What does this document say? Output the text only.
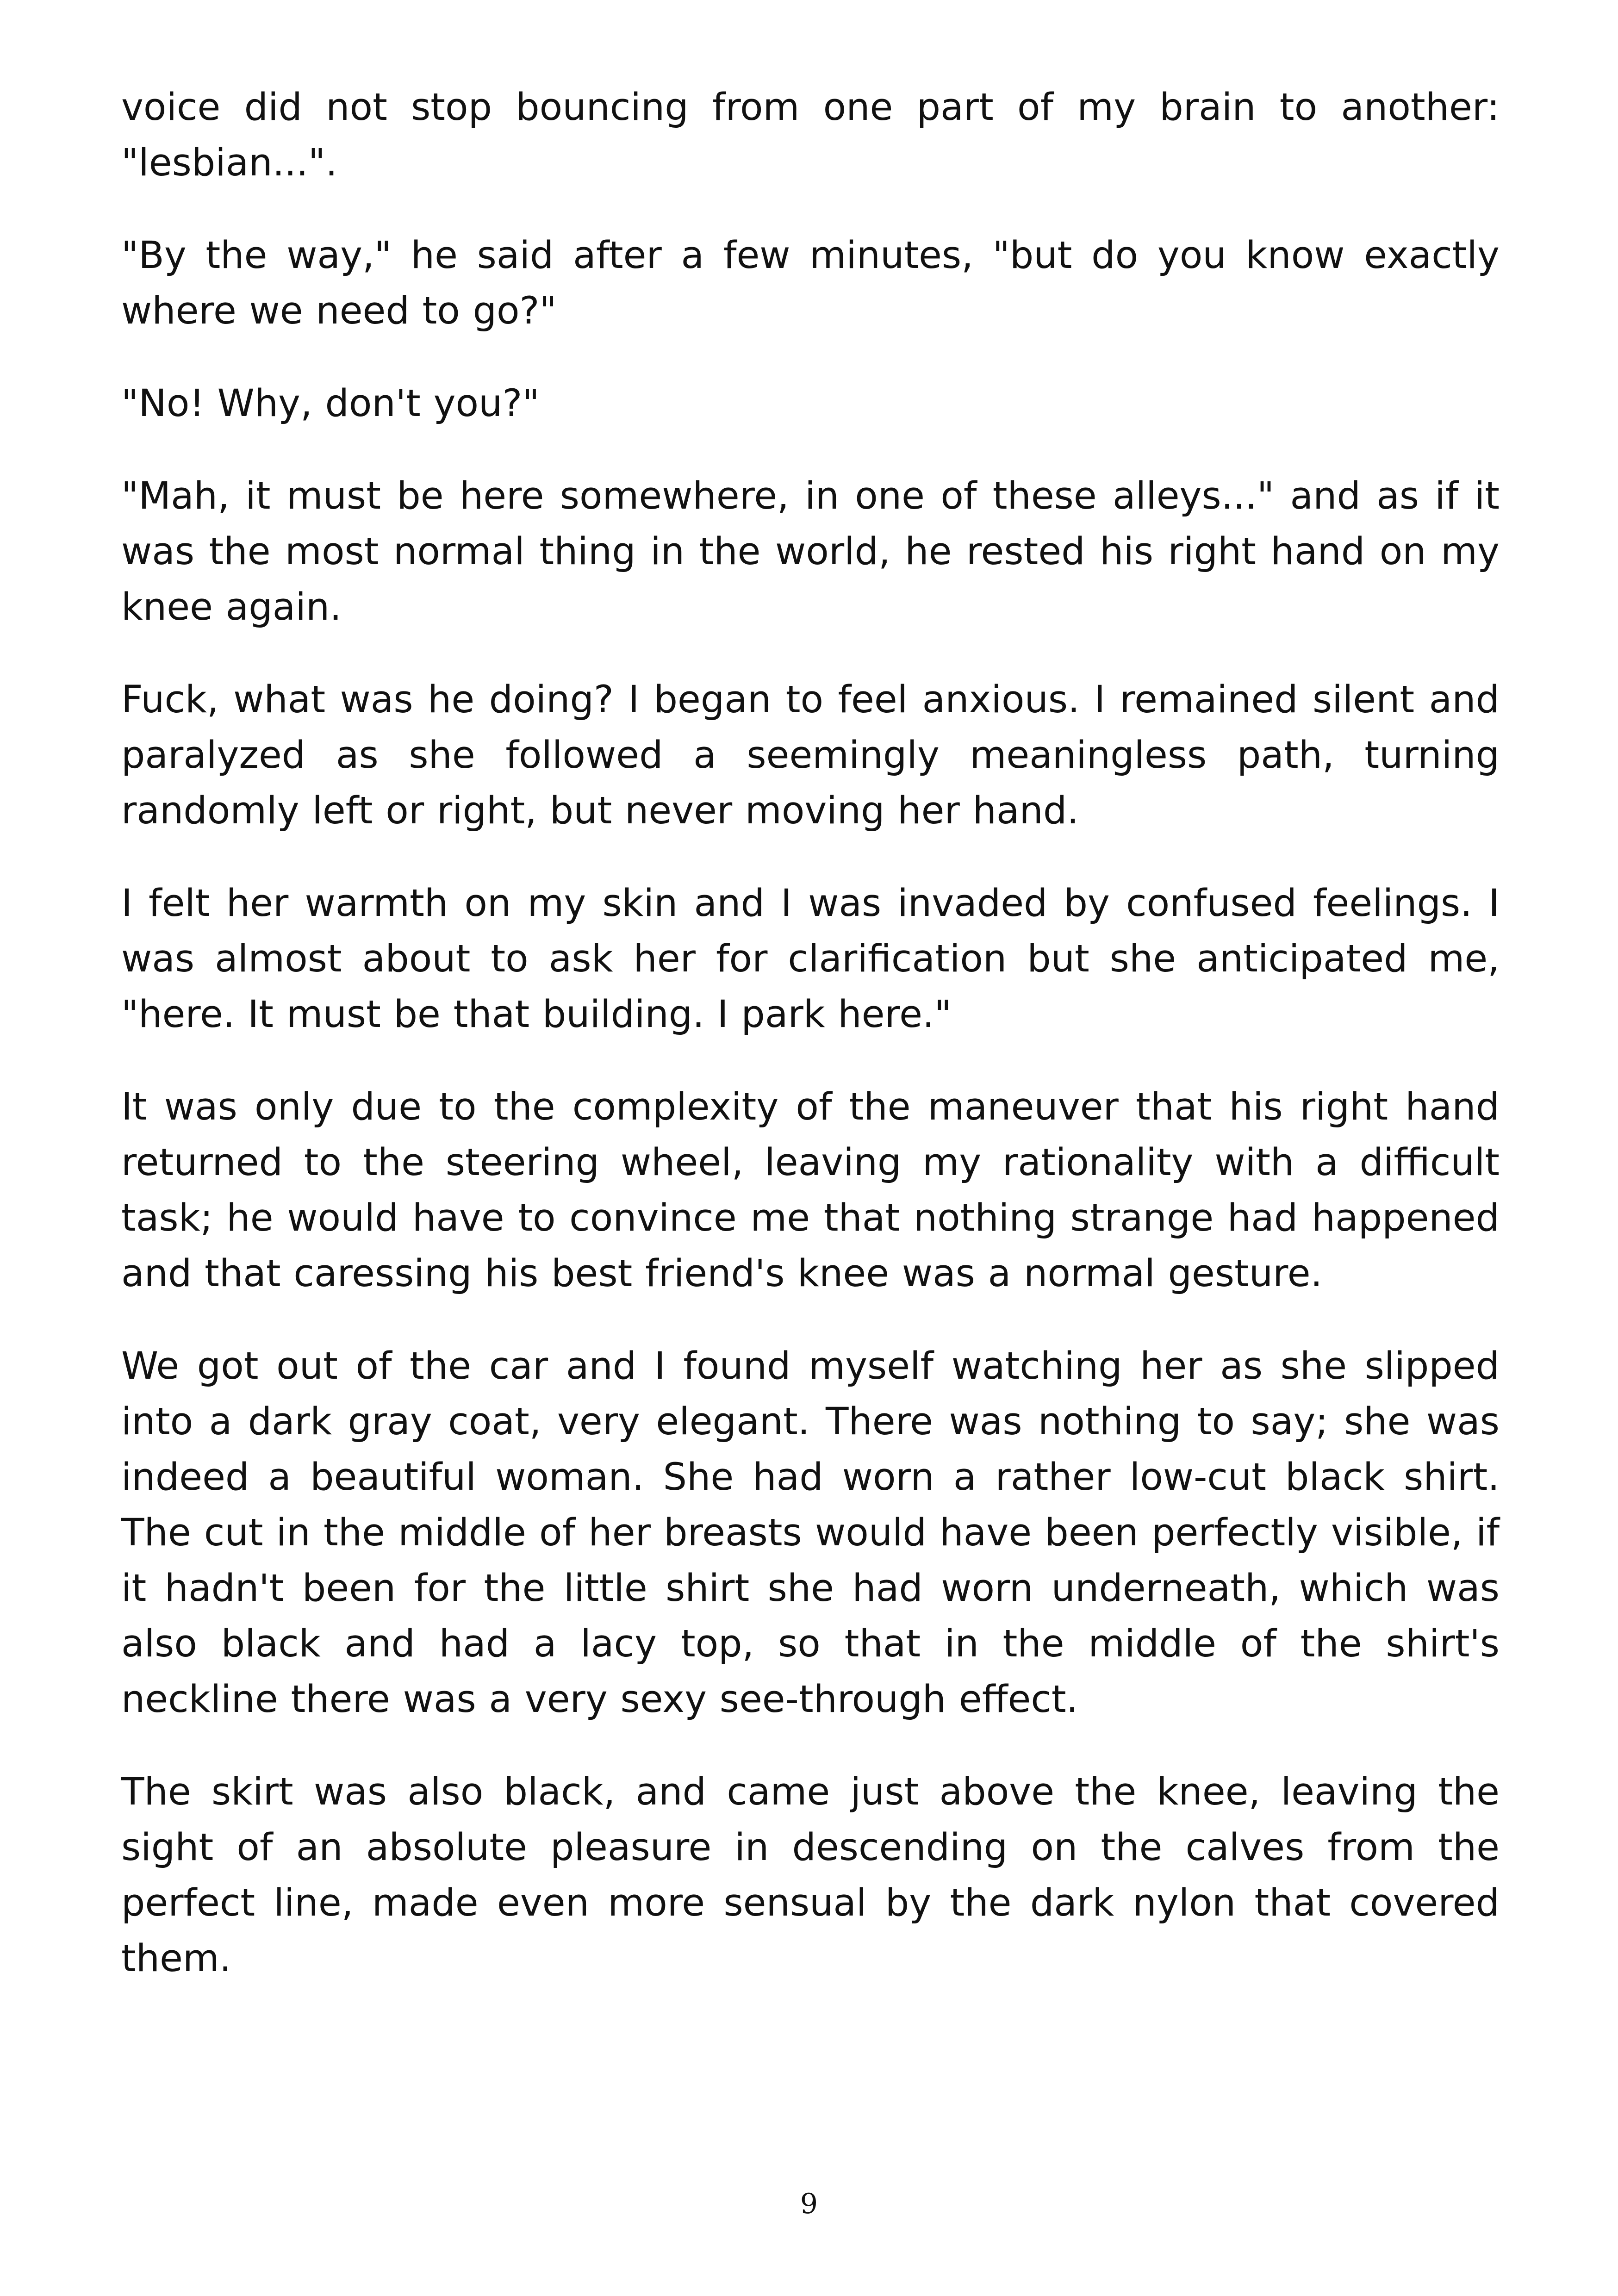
voice did not stop bouncing from one part of my brain to another: "lesbian...".

"By the way," he said after a few minutes, "but do you know exactly where we need to go?"

"No! Why, don't you?"

"Mah, it must be here somewhere, in one of these alleys..." and as if it was the most normal thing in the world, he rested his right hand on my knee again.

Fuck, what was he doing? I began to feel anxious. I remained silent and paralyzed as she followed a seemingly meaningless path, turning randomly left or right, but never moving her hand.

I felt her warmth on my skin and I was invaded by confused feelings. I was almost about to ask her for clarification but she anticipated me, "here. It must be that building. I park here."

It was only due to the complexity of the maneuver that his right hand returned to the steering wheel, leaving my rationality with a difficult task; he would have to convince me that nothing strange had happened and that caressing his best friend's knee was a normal gesture.

We got out of the car and I found myself watching her as she slipped into a dark gray coat, very elegant. There was nothing to say; she was indeed a beautiful woman. She had worn a rather low-cut black shirt. The cut in the middle of her breasts would have been perfectly visible, if it hadn't been for the little shirt she had worn underneath, which was also black and had a lacy top, so that in the middle of the shirt's neckline there was a very sexy see-through effect.

The skirt was also black, and came just above the knee, leaving the sight of an absolute pleasure in descending on the calves from the perfect line, made even more sensual by the dark nylon that covered them.

9
